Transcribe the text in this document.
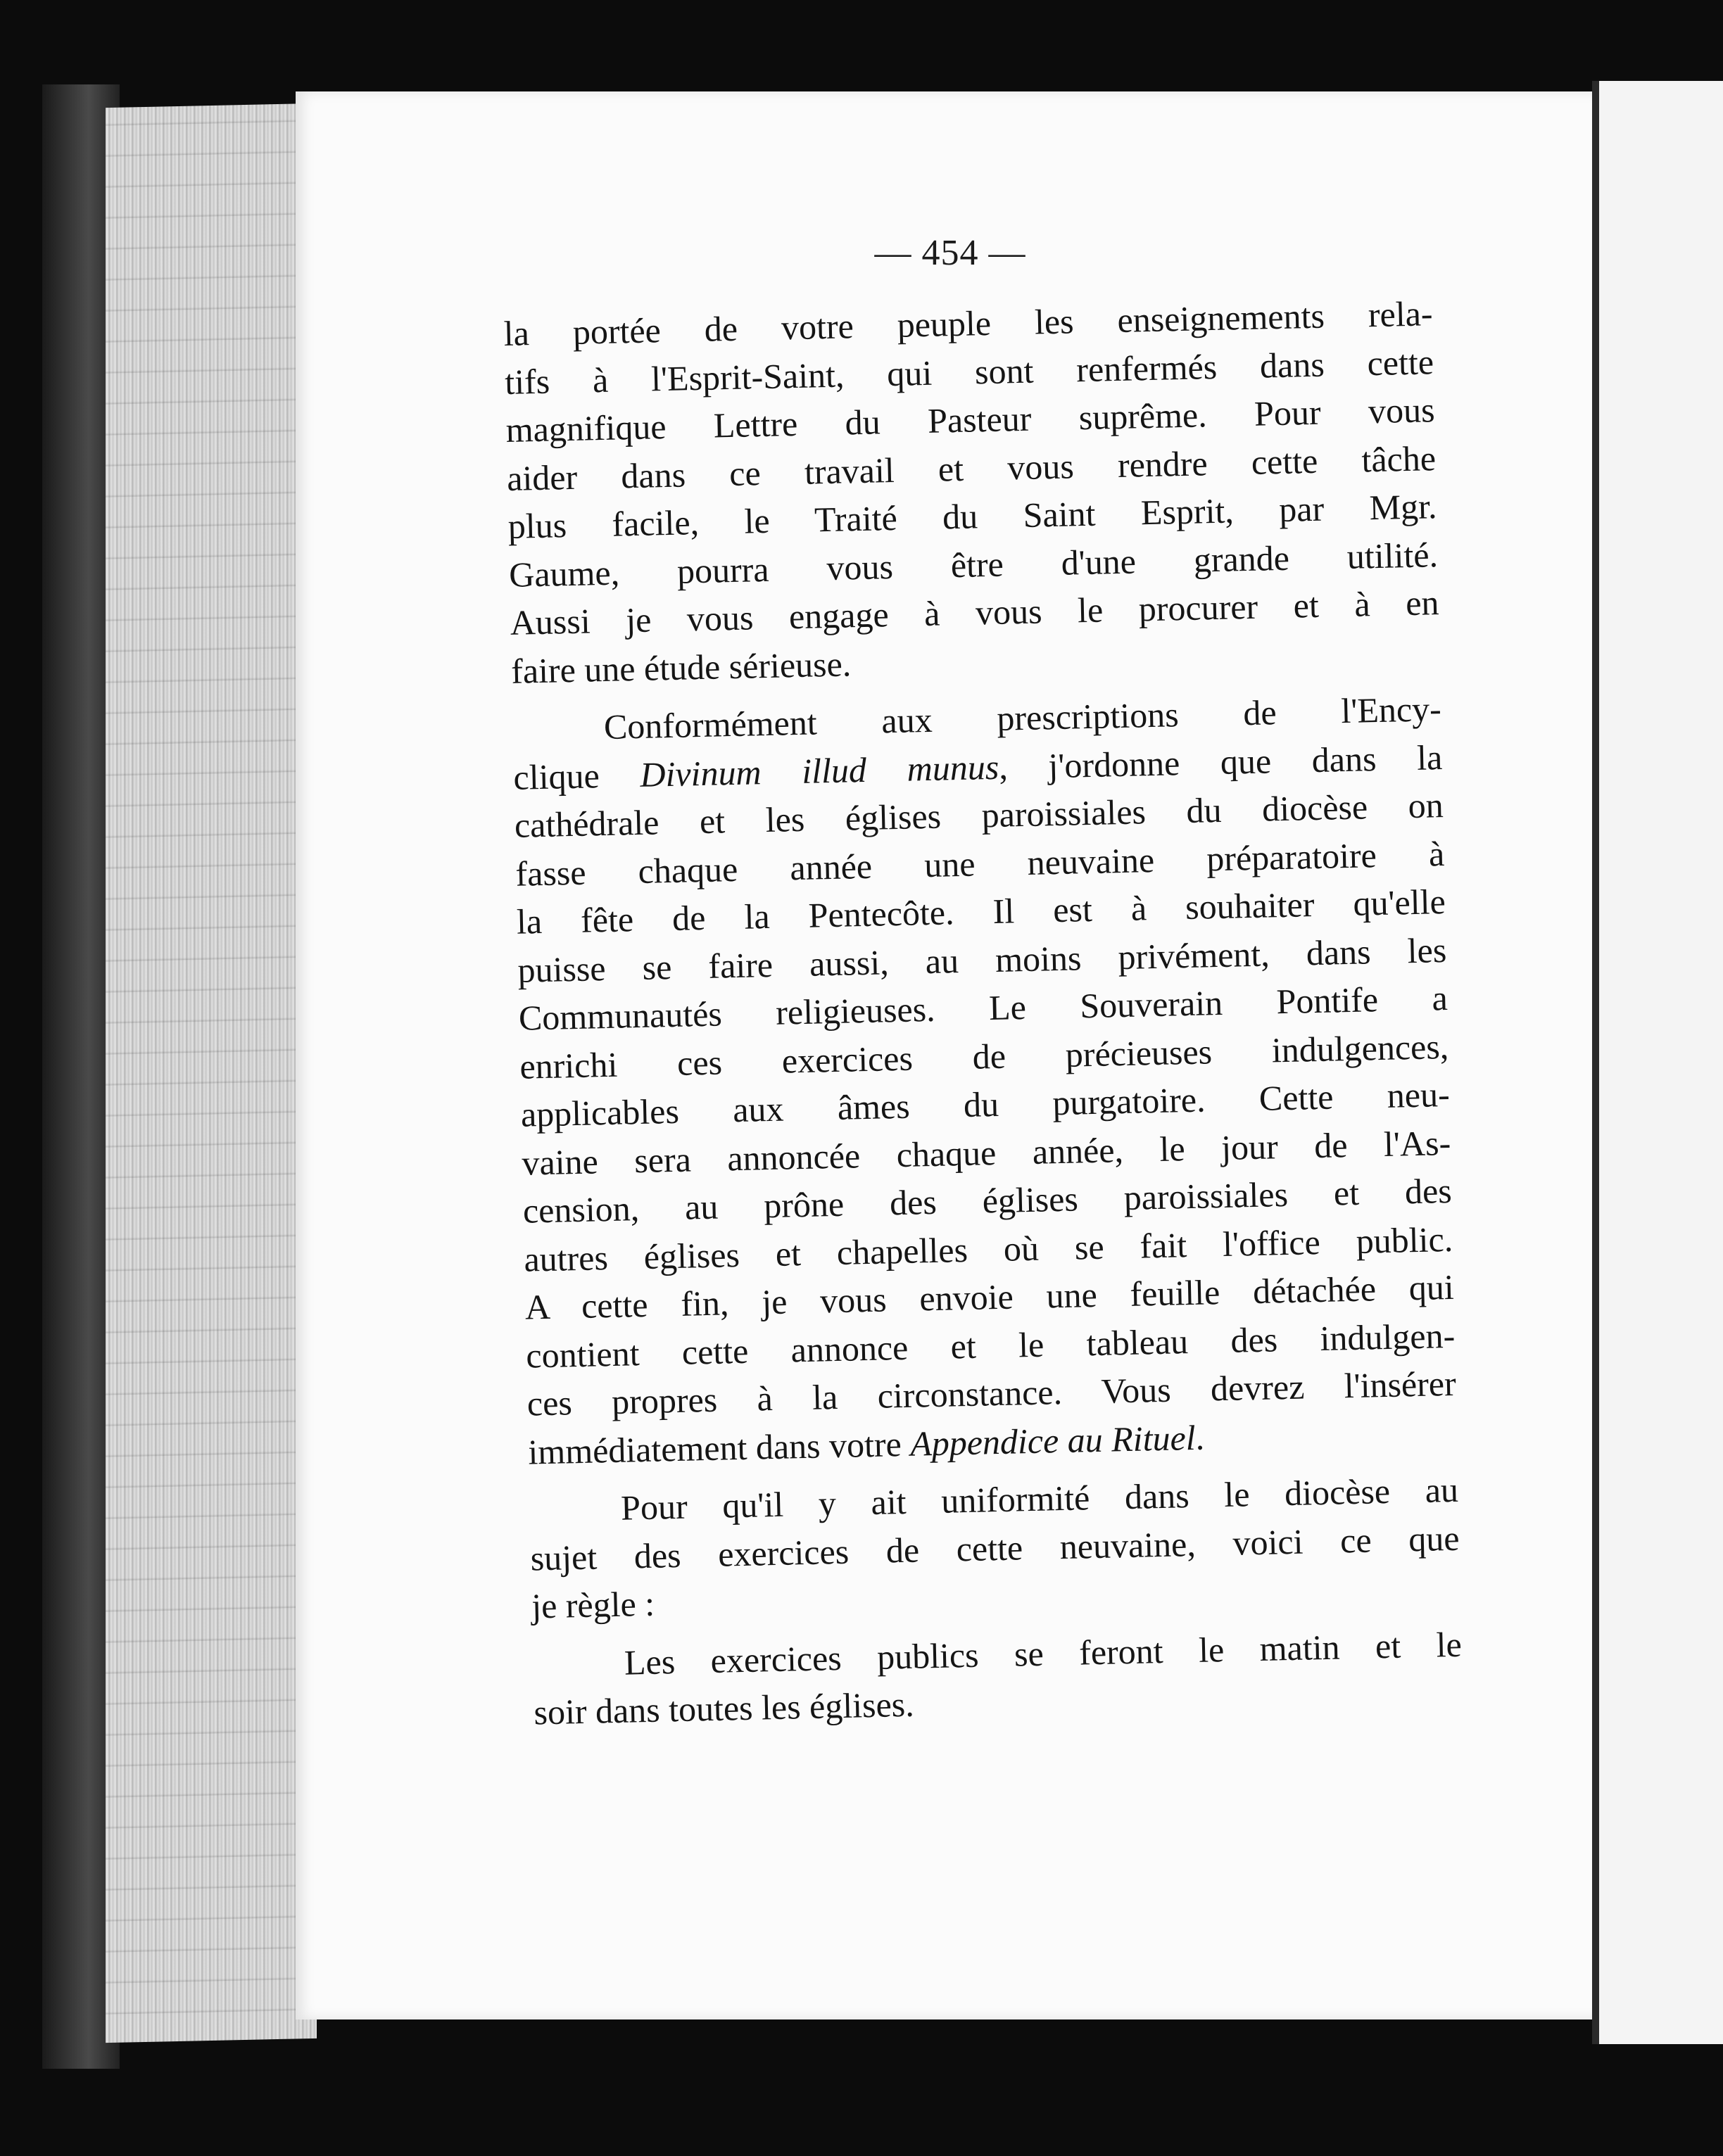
— 454 —
la portée de votre peuple les enseignements rela-
tifs à l'Esprit-Saint, qui sont renfermés dans cette
magnifique Lettre du Pasteur suprême. Pour vous
aider dans ce travail et vous rendre cette tâche
plus facile, le Traité du Saint Esprit, par Mgr.
Gaume, pourra vous être d'une grande utilité.
Aussi je vous engage à vous le procurer et à en
faire une étude sérieuse.
Conformément aux prescriptions de l'Ency-
clique Divinum illud munus, j'ordonne que dans la
cathédrale et les églises paroissiales du diocèse on
fasse chaque année une neuvaine préparatoire à
la fête de la Pentecôte. Il est à souhaiter qu'elle
puisse se faire aussi, au moins privément, dans les
Communautés religieuses. Le Souverain Pontife a
enrichi ces exercices de précieuses indulgences,
applicables aux âmes du purgatoire. Cette neu-
vaine sera annoncée chaque année, le jour de l'As-
cension, au prône des églises paroissiales et des
autres églises et chapelles où se fait l'office public.
A cette fin, je vous envoie une feuille détachée qui
contient cette annonce et le tableau des indulgen-
ces propres à la circonstance. Vous devrez l'insérer
immédiatement dans votre Appendice au Rituel.
Pour qu'il y ait uniformité dans le diocèse au
sujet des exercices de cette neuvaine, voici ce que
je règle :
Les exercices publics se feront le matin et le
soir dans toutes les églises.
